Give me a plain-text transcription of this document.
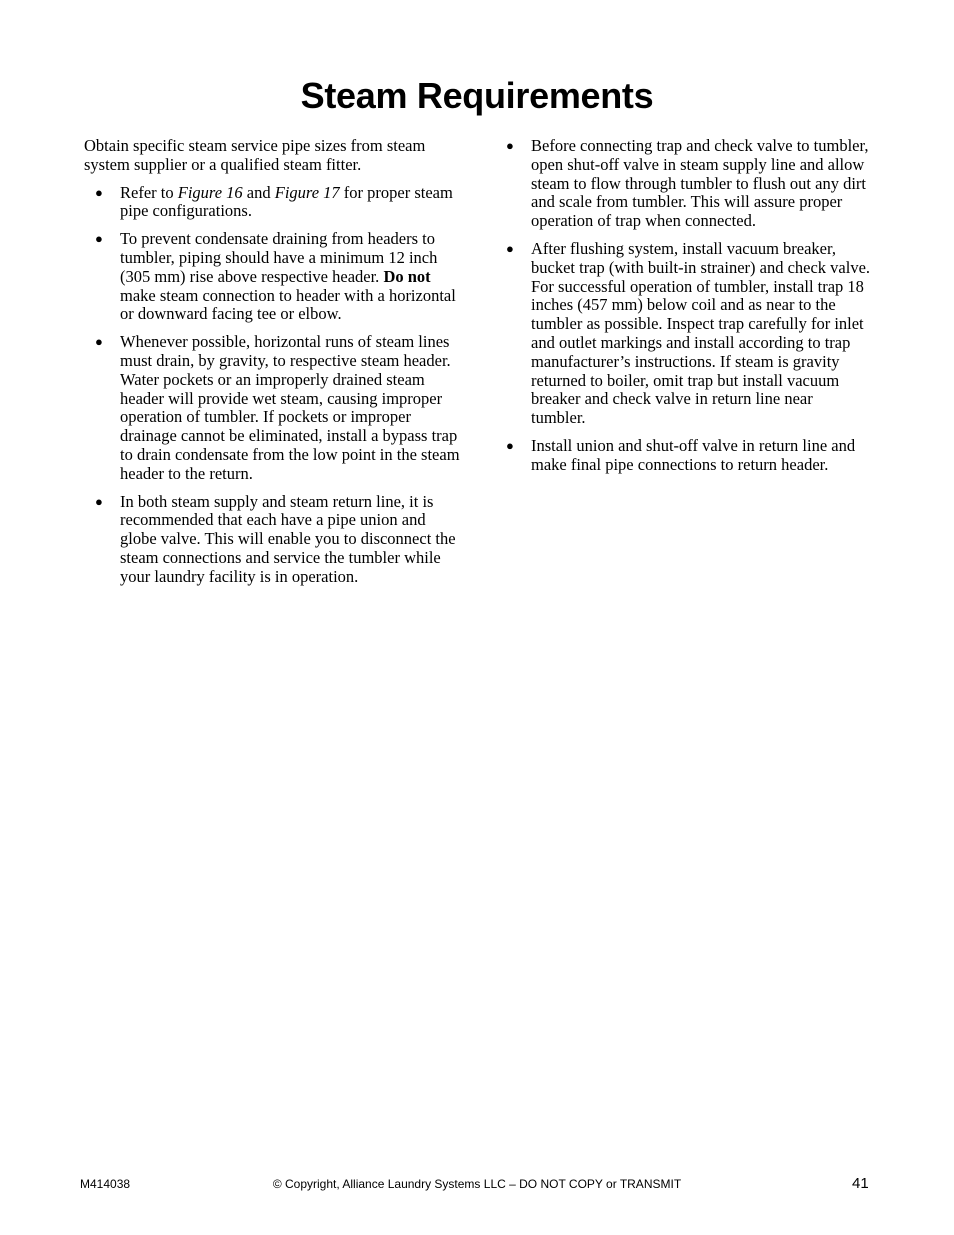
Steam Requirements

Obtain specific steam service pipe sizes from steam system supplier or a qualified steam fitter.

● Refer to Figure 16 and Figure 17 for proper steam pipe configurations.
● To prevent condensate draining from headers to tumbler, piping should have a minimum 12 inch (305 mm) rise above respective header. Do not make steam connection to header with a horizontal or downward facing tee or elbow.
● Whenever possible, horizontal runs of steam lines must drain, by gravity, to respective steam header. Water pockets or an improperly drained steam header will provide wet steam, causing improper operation of tumbler. If pockets or improper drainage cannot be eliminated, install a bypass trap to drain condensate from the low point in the steam header to the return.
● In both steam supply and steam return line, it is recommended that each have a pipe union and globe valve. This will enable you to disconnect the steam connections and service the tumbler while your laundry facility is in operation.
● Before connecting trap and check valve to tumbler, open shut-off valve in steam supply line and allow steam to flow through tumbler to flush out any dirt and scale from tumbler. This will assure proper operation of trap when connected.
● After flushing system, install vacuum breaker, bucket trap (with built-in strainer) and check valve. For successful operation of tumbler, install trap 18 inches (457 mm) below coil and as near to the tumbler as possible. Inspect trap carefully for inlet and outlet markings and install according to trap manufacturer’s instructions. If steam is gravity returned to boiler, omit trap but install vacuum breaker and check valve in return line near tumbler.
● Install union and shut-off valve in return line and make final pipe connections to return header.
M414038	© Copyright, Alliance Laundry Systems LLC – DO NOT COPY or TRANSMIT	41
